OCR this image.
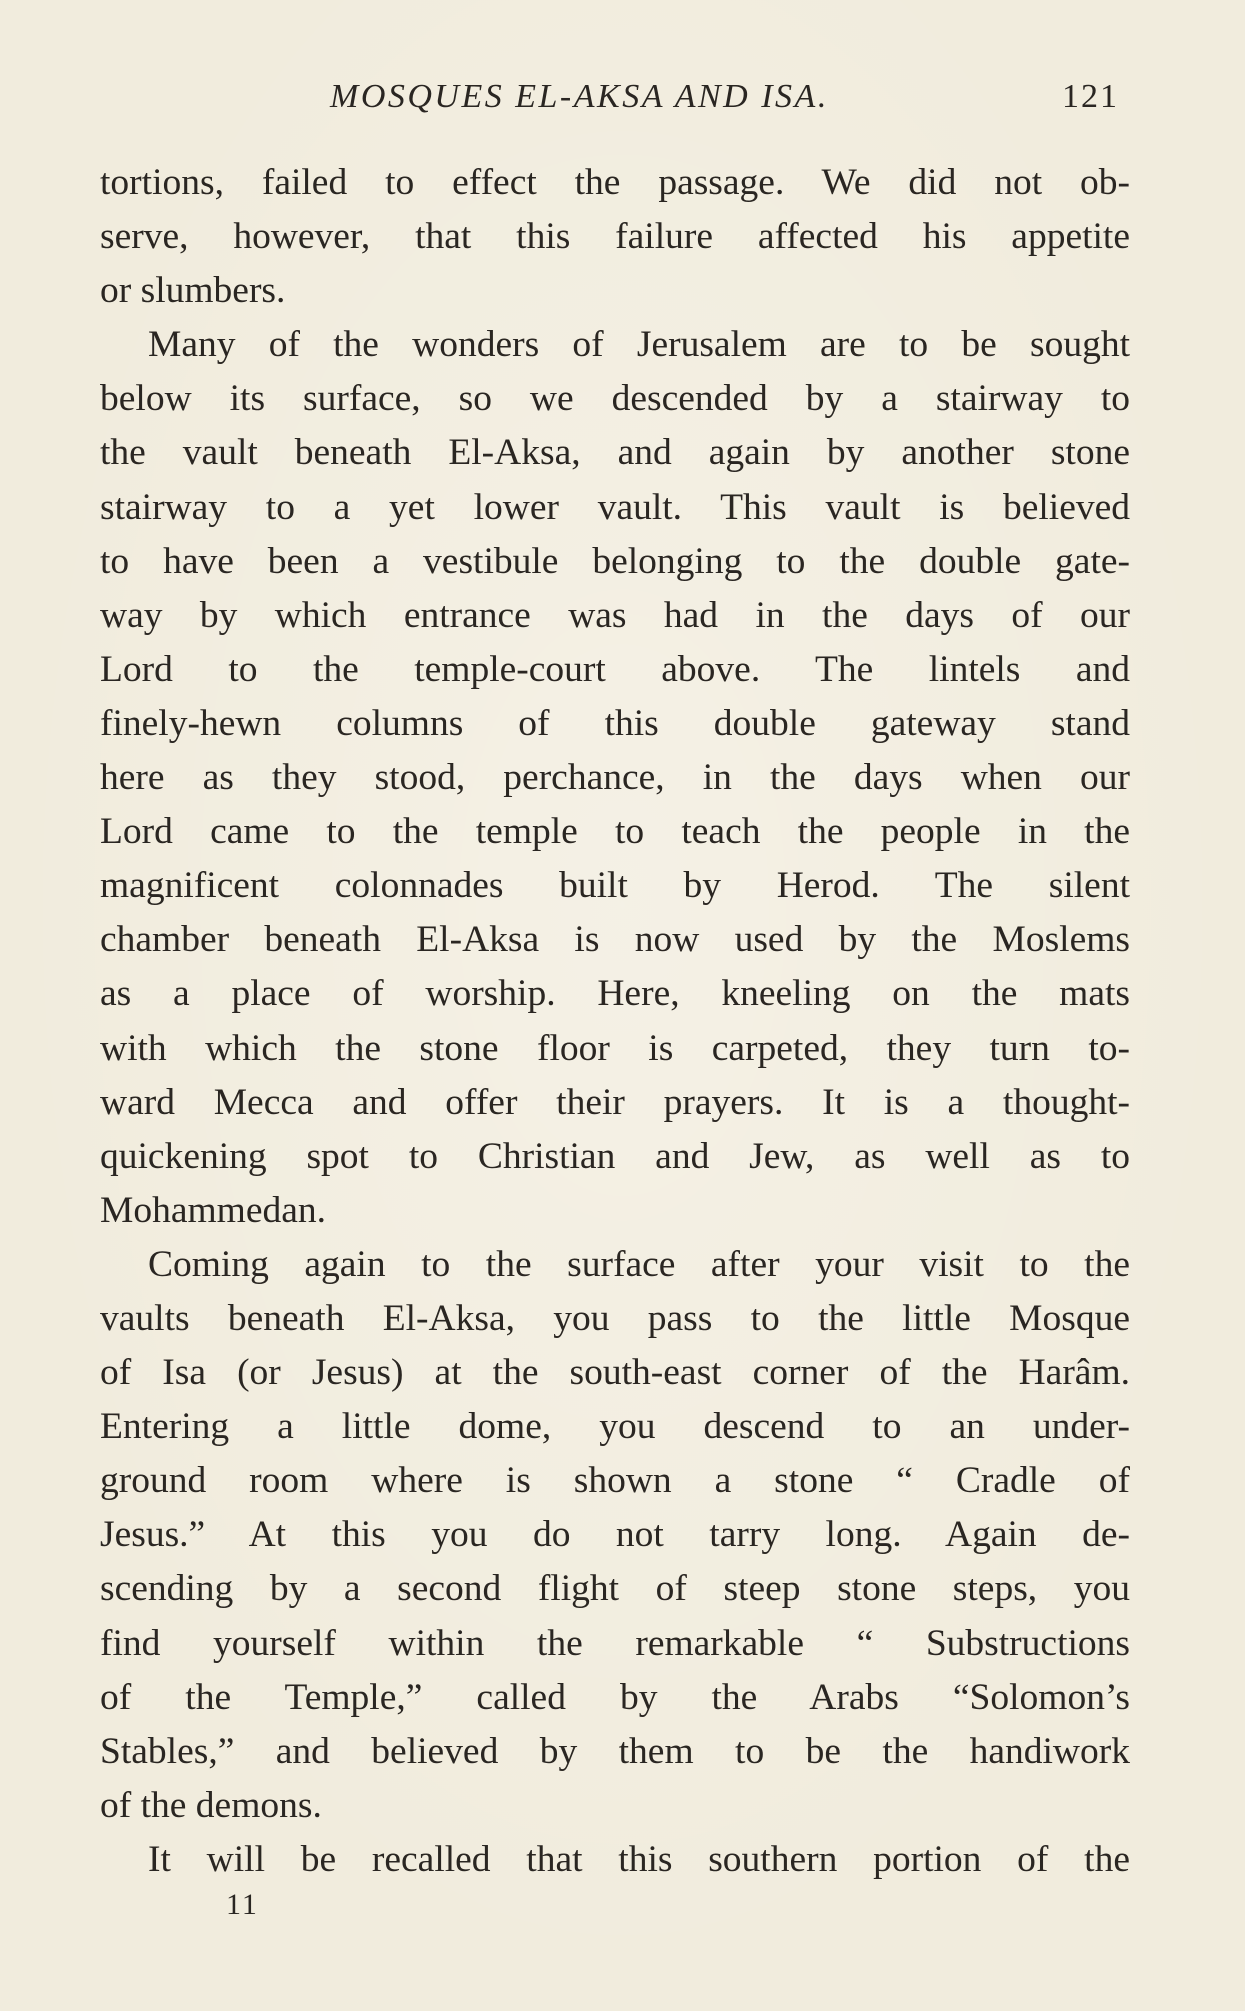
MOSQUES EL-AKSA AND ISA.	121

tortions, failed to effect the passage. We did not ob-
serve, however, that this failure affected his appetite
or slumbers.

Many of the wonders of Jerusalem are to be sought
below its surface, so we descended by a stairway to
the vault beneath El-Aksa, and again by another stone
stairway to a yet lower vault. This vault is believed
to have been a vestibule belonging to the double gate-
way by which entrance was had in the days of our
Lord to the temple-court above. The lintels and
finely-hewn columns of this double gateway stand
here as they stood, perchance, in the days when our
Lord came to the temple to teach the people in the
magnificent colonnades built by Herod. The silent
chamber beneath El-Aksa is now used by the Moslems
as a place of worship. Here, kneeling on the mats
with which the stone floor is carpeted, they turn to-
ward Mecca and offer their prayers. It is a thought-
quickening spot to Christian and Jew, as well as to
Mohammedan.

Coming again to the surface after your visit to the
vaults beneath El-Aksa, you pass to the little Mosque
of Isa (or Jesus) at the south-east corner of the Harâm.
Entering a little dome, you descend to an under-
ground room where is shown a stone “ Cradle of
Jesus.” At this you do not tarry long. Again de-
scending by a second flight of steep stone steps, you
find yourself within the remarkable “ Substructions
of the Temple,” called by the Arabs “Solomon’s
Stables,” and believed by them to be the handiwork
of the demons.

It will be recalled that this southern portion of the

11
